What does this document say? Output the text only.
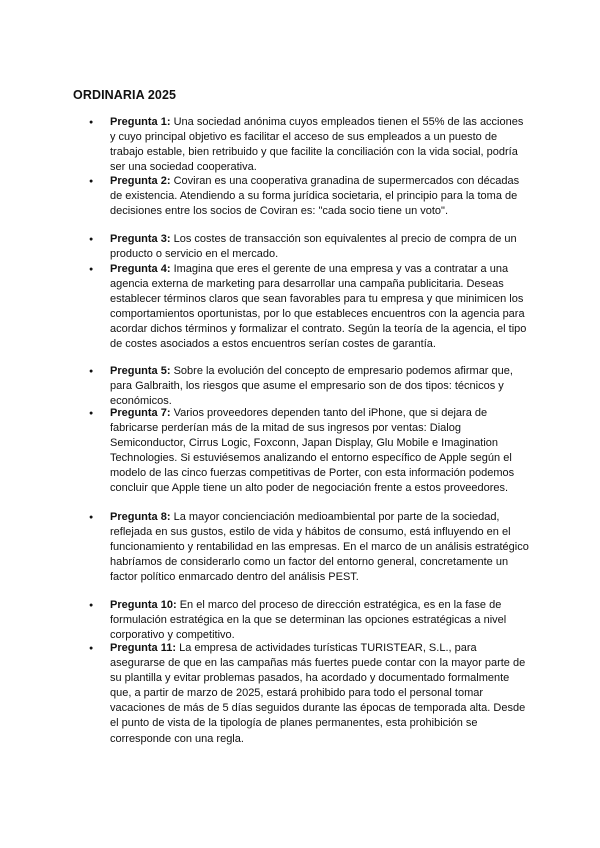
ORDINARIA 2025
● Pregunta 1: Una sociedad anónima cuyos empleados tienen el 55% de las acciones y cuyo principal objetivo es facilitar el acceso de sus empleados a un puesto de trabajo estable, bien retribuido y que facilite la conciliación con la vida social, podría ser una sociedad cooperativa.
● Pregunta 2: Coviran es una cooperativa granadina de supermercados con décadas de existencia. Atendiendo a su forma jurídica societaria, el principio para la toma de decisiones entre los socios de Coviran es: "cada socio tiene un voto".
● Pregunta 3: Los costes de transacción son equivalentes al precio de compra de un producto o servicio en el mercado.
● Pregunta 4: Imagina que eres el gerente de una empresa y vas a contratar a una agencia externa de marketing para desarrollar una campaña publicitaria. Deseas establecer términos claros que sean favorables para tu empresa y que minimicen los comportamientos oportunistas, por lo que estableces encuentros con la agencia para acordar dichos términos y formalizar el contrato. Según la teoría de la agencia, el tipo de costes asociados a estos encuentros serían costes de garantía.
● Pregunta 5: Sobre la evolución del concepto de empresario podemos afirmar que, para Galbraith, los riesgos que asume el empresario son de dos tipos: técnicos y económicos.
● Pregunta 7: Varios proveedores dependen tanto del iPhone, que si dejara de fabricarse perderían más de la mitad de sus ingresos por ventas: Dialog Semiconductor, Cirrus Logic, Foxconn, Japan Display, Glu Mobile e Imagination Technologies. Si estuviésemos analizando el entorno específico de Apple según el modelo de las cinco fuerzas competitivas de Porter, con esta información podemos concluir que Apple tiene un alto poder de negociación frente a estos proveedores.
● Pregunta 8: La mayor concienciación medioambiental por parte de la sociedad, reflejada en sus gustos, estilo de vida y hábitos de consumo, está influyendo en el funcionamiento y rentabilidad en las empresas. En el marco de un análisis estratégico habríamos de considerarlo como un factor del entorno general, concretamente un factor político enmarcado dentro del análisis PEST.
● Pregunta 10: En el marco del proceso de dirección estratégica, es en la fase de formulación estratégica en la que se determinan las opciones estratégicas a nivel corporativo y competitivo.
● Pregunta 11: La empresa de actividades turísticas TURISTEAR, S.L., para asegurarse de que en las campañas más fuertes puede contar con la mayor parte de su plantilla y evitar problemas pasados, ha acordado y documentado formalmente que, a partir de marzo de 2025, estará prohibido para todo el personal tomar vacaciones de más de 5 días seguidos durante las épocas de temporada alta. Desde el punto de vista de la tipología de planes permanentes, esta prohibición se corresponde con una regla.
